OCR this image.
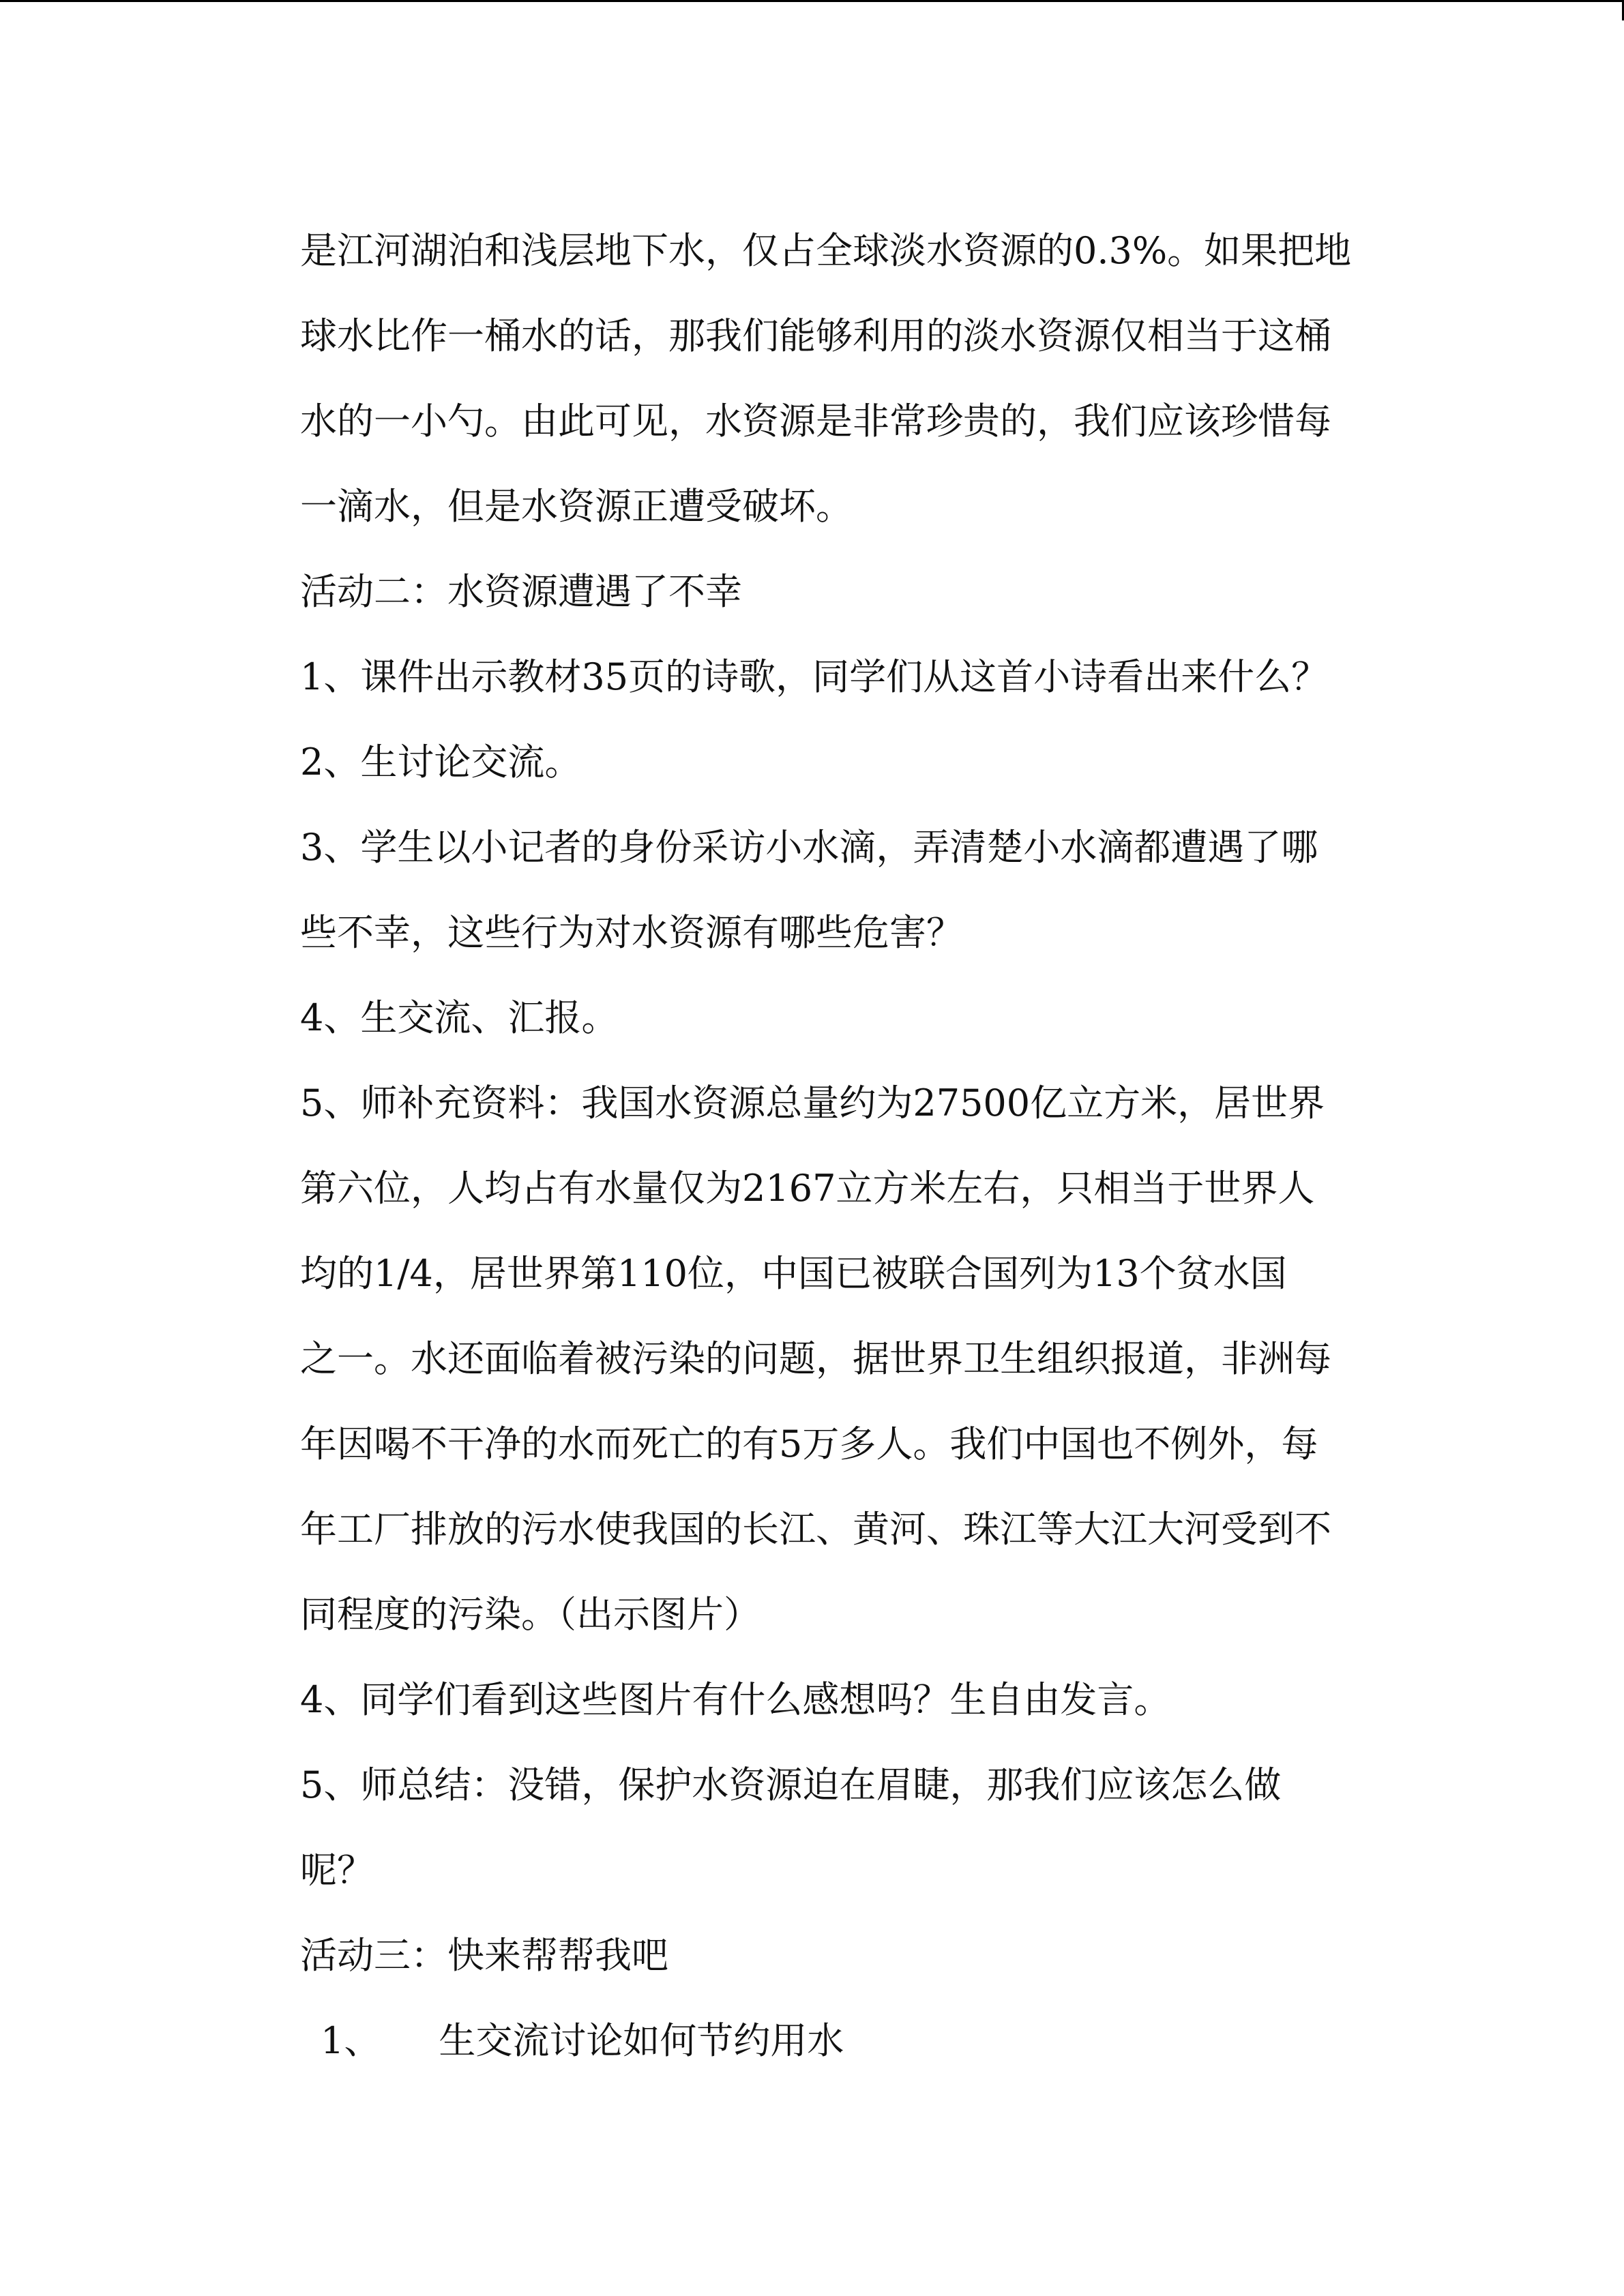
是江河湖泊和浅层地下水，仅占全球淡水资源的0.3%。如果把地
球水比作一桶水的话，那我们能够利用的淡水资源仅相当于这桶
水的一小勺。由此可见，水资源是非常珍贵的，我们应该珍惜每
一滴水，但是水资源正遭受破坏。
活动二：水资源遭遇了不幸
1、课件出示教材35页的诗歌，同学们从这首小诗看出来什么？
2、生讨论交流。
3、学生以小记者的身份采访小水滴，弄清楚小水滴都遭遇了哪
些不幸，这些行为对水资源有哪些危害？
4、生交流、汇报。
5、师补充资料：我国水资源总量约为27500亿立方米，居世界
第六位，人均占有水量仅为2167立方米左右，只相当于世界人
均的1/4，居世界第110位，中国已被联合国列为13个贫水国
之一。水还面临着被污染的问题，据世界卫生组织报道，非洲每
年因喝不干净的水而死亡的有5万多人。我们中国也不例外，每
年工厂排放的污水使我国的长江、黄河、珠江等大江大河受到不
同程度的污染。（出示图片）
4、同学们看到这些图片有什么感想吗？生自由发言。
5、师总结：没错，保护水资源迫在眉睫，那我们应该怎么做
呢？
活动三：快来帮帮我吧
1、 生交流讨论如何节约用水
